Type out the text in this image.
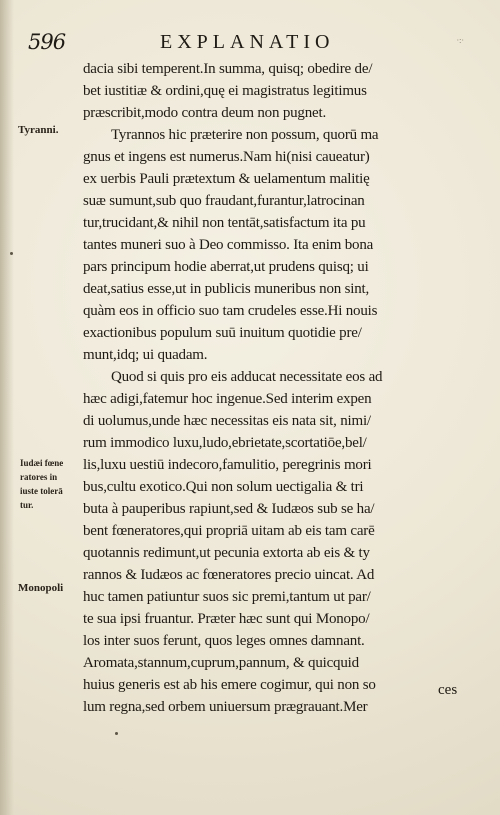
596	EXPLANATIO	·:·
Tyranni.
Iudæi fœne
ratores in
iuste tolerā
tur.
Monopoli
dacia sibi temperent.In summa, quisq; obedire de/
bet iustitiæ & ordini,quę ei magistratus legitimus
præscribit,modo contra deum non pugnet.
Tyrannos hic præterire non possum, quorū ma
gnus et ingens est numerus.Nam hi(nisi caueatur)
ex uerbis Pauli prætextum & uelamentum malitię
suæ sumunt,sub quo fraudant,furantur,latrocinan
tur,trucidant,& nihil non tentāt,satisfactum ita pu
tantes muneri suo à Deo commisso. Ita enim bona
pars principum hodie aberrat,ut prudens quisq; ui
deat,satius esse,ut in publicis muneribus non sint,
quàm eos in officio suo tam crudeles esse.Hi nouis
exactionibus populum suū inuitum quotidie pre/
munt,idq; ui quadam.
Quod si quis pro eis adducat necessitate eos ad
hæc adigi,fatemur hoc ingenue.Sed interim expen
di uolumus,unde hæc necessitas eis nata sit, nimi/
rum immodico luxu,ludo,ebrietate,scortatiōe,bel/
lis,luxu uestiū indecoro,famulitio, peregrinis mori
bus,cultu exotico.Qui non solum uectigalia & tri
buta à pauperibus rapiunt,sed & Iudæos sub se ha/
bent fœneratores,qui propriā uitam ab eis tam carē
quotannis redimunt,ut pecunia extorta ab eis & ty
rannos & Iudæos ac fœneratores precio uincat. Ad
huc tamen patiuntur suos sic premi,tantum ut par/
te sua ipsi fruantur. Præter hæc sunt qui Monopo/
los inter suos ferunt, quos leges omnes damnant.
Aromata,stannum,cuprum,pannum, & quicquid
huius generis est ab his emere cogimur, qui non so
lum regna,sed orbem uniuersum prægrauant.Mer
ces
